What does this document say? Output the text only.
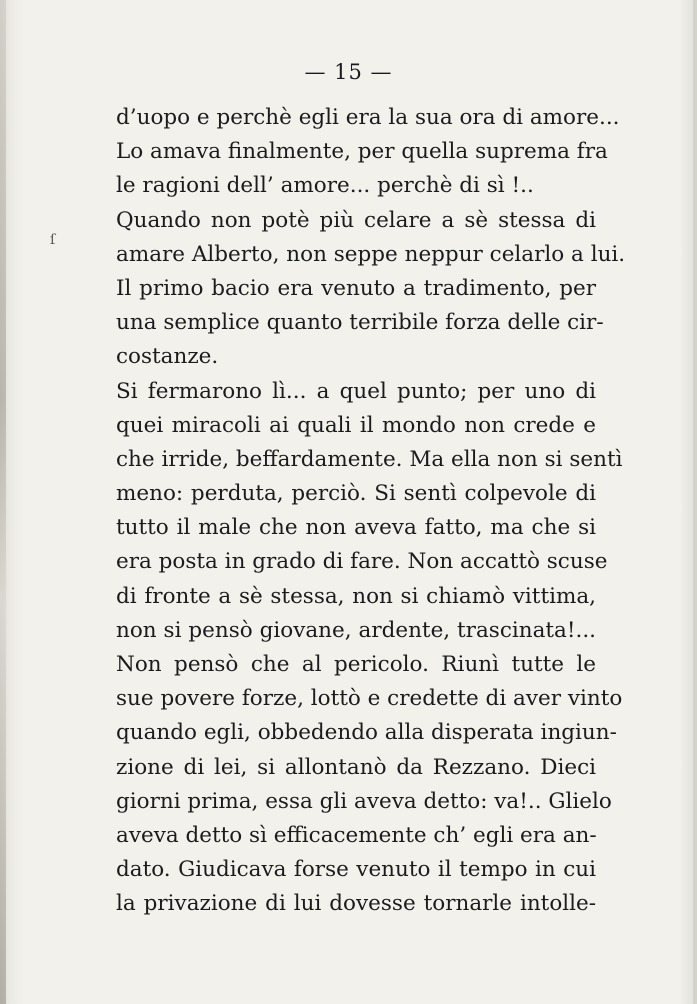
— 15 —
ſ
d’uopo e perchè egli era la sua ora di amore...
Lo amava finalmente, per quella suprema fra
le ragioni dell’ amore... perchè di sì !..
Quando non potè più celare a sè stessa di
amare Alberto, non seppe neppur celarlo a lui.
Il primo bacio era venuto a tradimento, per
una semplice quanto terribile forza delle cir-
costanze.
Si fermarono lì... a quel punto; per uno di
quei miracoli ai quali il mondo non crede e
che irride, beffardamente. Ma ella non si sentì
meno: perduta, perciò. Si sentì colpevole di
tutto il male che non aveva fatto, ma che si
era posta in grado di fare. Non accattò scuse
di fronte a sè stessa, non si chiamò vittima,
non si pensò giovane, ardente, trascinata!...
Non pensò che al pericolo. Riunì tutte le
sue povere forze, lottò e credette di aver vinto
quando egli, obbedendo alla disperata ingiun-
zione di lei, si allontanò da Rezzano. Dieci
giorni prima, essa gli aveva detto: va!.. Glielo
aveva detto sì efficacemente ch’ egli era an-
dato. Giudicava forse venuto il tempo in cui
la privazione di lui dovesse tornarle intolle-
